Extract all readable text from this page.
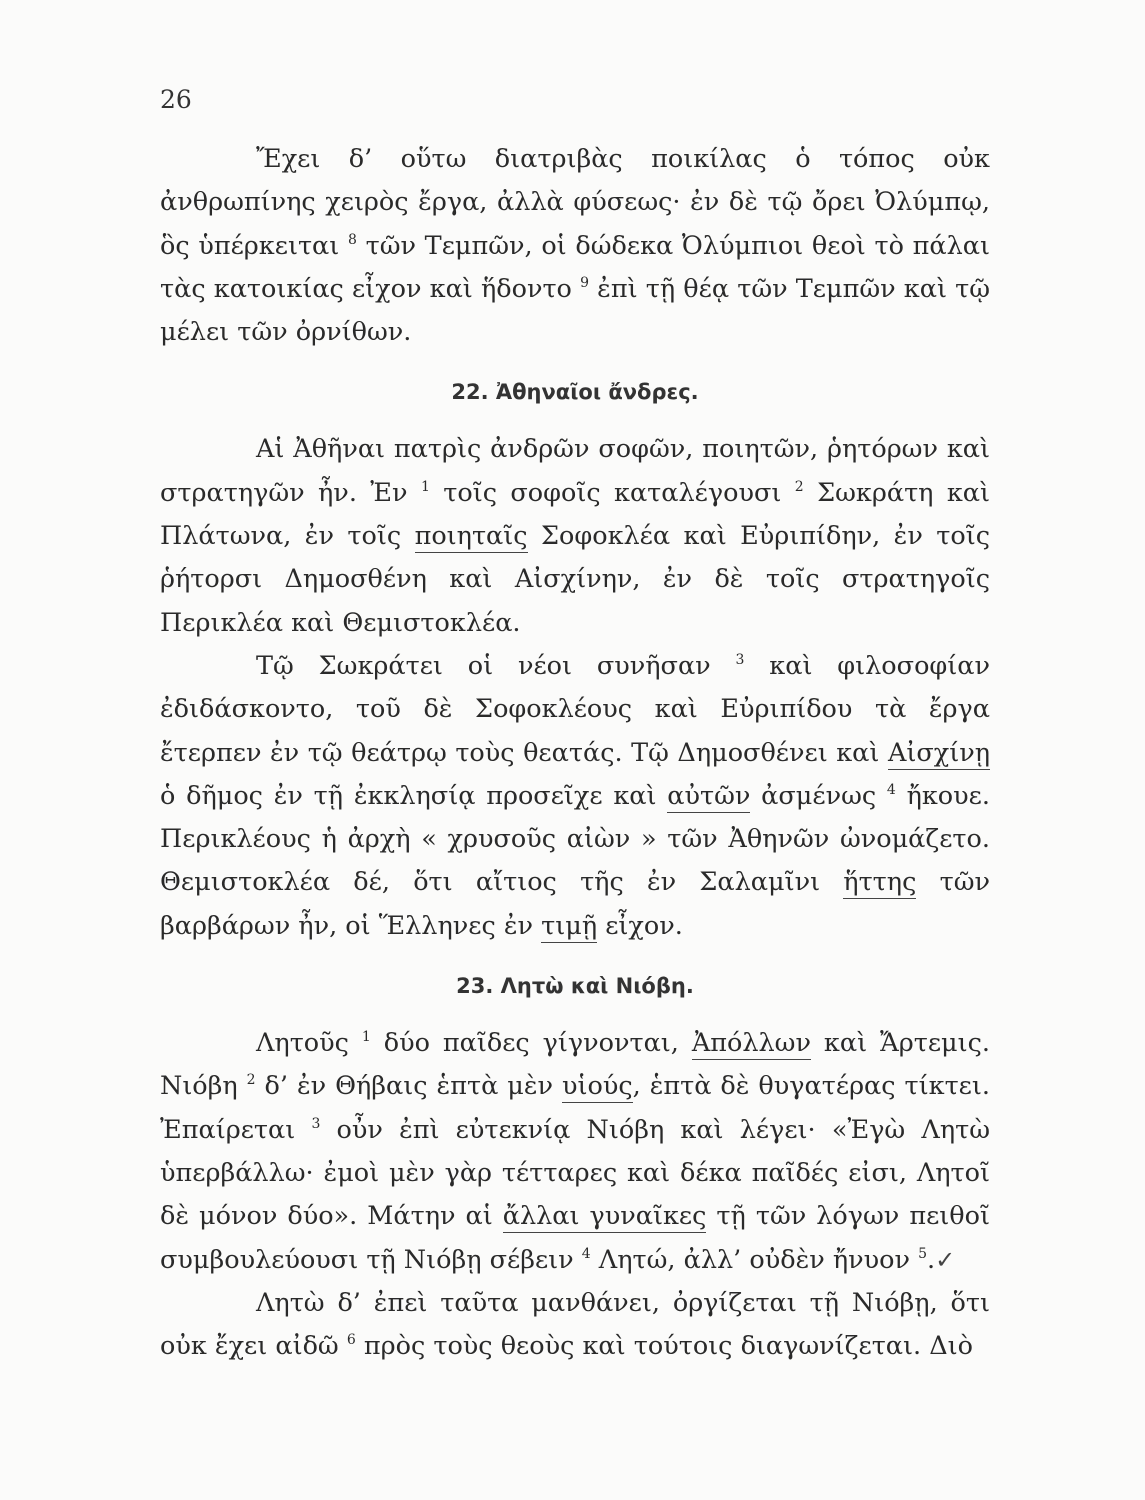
26

Ἔχει δ’ οὕτω διατριβὰς ποικίλας ὁ τόπος οὐκ ἀνθρωπίνης χειρὸς ἔργα, ἀλλὰ φύσεως· ἐν δὲ τῷ ὄρει Ὀλύμπῳ, ὃς ὑπέρκειται $^8$ τῶν Τεμπῶν, οἱ δώδεκα Ὀλύμπιοι θεοὶ τὸ πάλαι τὰς κατοικίας εἶχον καὶ ἥδοντο $^9$ ἐπὶ τῇ θέᾳ τῶν Τεμπῶν καὶ τῷ μέλει τῶν ὀρνίθων.

22. Ἀθηναῖοι ἄνδρες.

Αἱ Ἀθῆναι πατρὶς ἀνδρῶν σοφῶν, ποιητῶν, ῥητόρων καὶ στρατηγῶν ἦν. Ἐν $^1$ τοῖς σοφοῖς καταλέγουσι $^2$ Σωκράτη καὶ Πλάτωνα, ἐν τοῖς ποιηταῖς Σοφοκλέα καὶ Εὐριπίδην, ἐν τοῖς ῥήτορσι Δημοσθένη καὶ Αἰσχίνην, ἐν δὲ τοῖς στρατηγοῖς Περικλέα καὶ Θεμιστοκλέα.

Τῷ Σωκράτει οἱ νέοι συνῆσαν $^3$ καὶ φιλοσοφίαν ἐδιδάσκοντο, τοῦ δὲ Σοφοκλέους καὶ Εὐριπίδου τὰ ἔργα ἔτερπεν ἐν τῷ θεάτρῳ τοὺς θεατάς. Τῷ Δημοσθένει καὶ Αἰσχίνῃ ὁ δῆμος ἐν τῇ ἐκκλησίᾳ προσεῖχε καὶ αὐτῶν ἀσμένως $^4$ ἤκουε. Περικλέους ἡ ἀρχὴ « χρυσοῦς αἰὼν » τῶν Ἀθηνῶν ὠνομάζετο. Θεμιστοκλέα δέ, ὅτι αἴτιος τῆς ἐν Σαλαμῖνι ἥττης τῶν βαρβάρων ἦν, οἱ Ἕλληνες ἐν τιμῇ εἶχον.

23. Λητὼ καὶ Νιόβη.

Λητοῦς $^1$ δύο παῖδες γίγνονται, Ἀπόλλων καὶ Ἄρτεμις. Νιόβη $^2$ δ’ ἐν Θήβαις ἑπτὰ μὲν υἱούς, ἑπτὰ δὲ θυγατέρας τίκτει. Ἐπαίρεται $^3$ οὖν ἐπὶ εὐτεκνίᾳ Νιόβη καὶ λέγει· «Ἐγὼ Λητὼ ὑπερβάλλω· ἐμοὶ μὲν γὰρ τέτταρες καὶ δέκα παῖδές εἰσι, Λητοῖ δὲ μόνον δύο». Μάτην αἱ ἄλλαι γυναῖκες τῇ τῶν λόγων πειθοῖ συμβουλεύουσι τῇ Νιόβῃ σέβειν $^4$ Λητώ, ἀλλ’ οὐδὲν ἤνυον $^5$.✓

Λητὼ δ’ ἐπεὶ ταῦτα μανθάνει, ὀργίζεται τῇ Νιόβῃ, ὅτι οὐκ ἔχει αἰδῶ $^6$ πρὸς τοὺς θεοὺς καὶ τούτοις διαγωνίζεται. Διὸ
